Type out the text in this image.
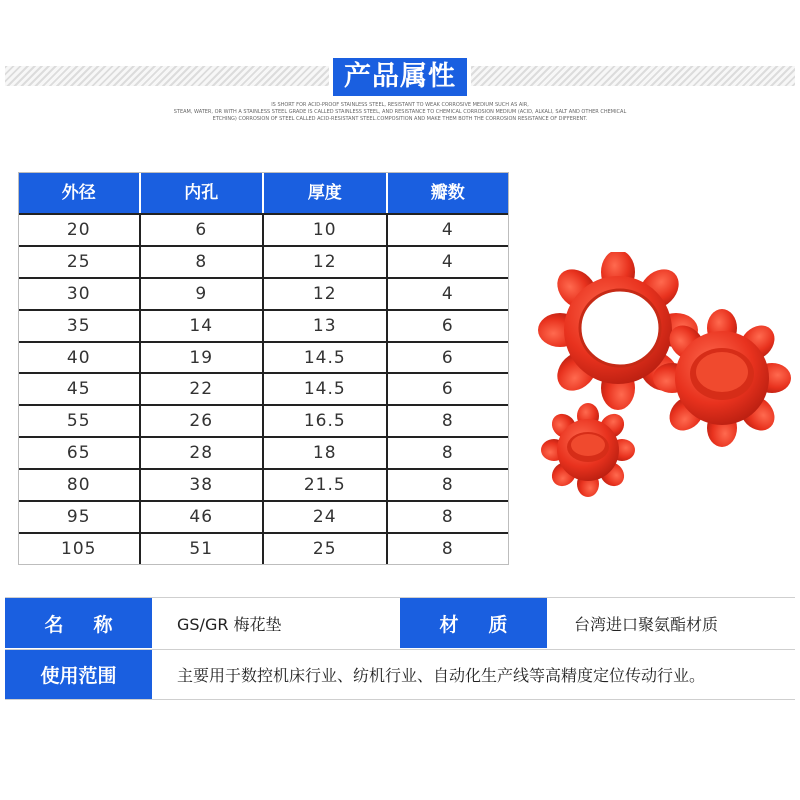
产品属性
IS SHORT FOR ACID-PROOF STAINLESS STEEL, RESISTANT TO WEAK CORROSIVE MEDIUM SUCH AS AIR,
STEAM, WATER, OR WITH A STAINLESS STEEL GRADE IS CALLED STAINLESS STEEL, AND RESISTANCE TO CHEMICAL CORROSION MEDIUM (ACID, ALKALI, SALT AND OTHER CHEMICAL
ETCHING) CORROSION OF STEEL CALLED ACID-RESISTANT STEEL.COMPOSITION AND MAKE THEM BOTH THE CORROSION RESISTANCE OF DIFFERENT.
外径	内孔	厚度	瓣数
20	6	10	4
25	8	12	4
30	9	12	4
35	14	13	6
40	19	14.5	6
45	22	14.5	6
55	26	16.5	8
65	28	18	8
80	38	21.5	8
95	46	24	8
105	51	25	8
名称	GS/GR 梅花垫	材质	台湾进口聚氨酯材质
使用范围	主要用于数控机床行业、纺机行业、自动化生产线等高精度定位传动行业。
